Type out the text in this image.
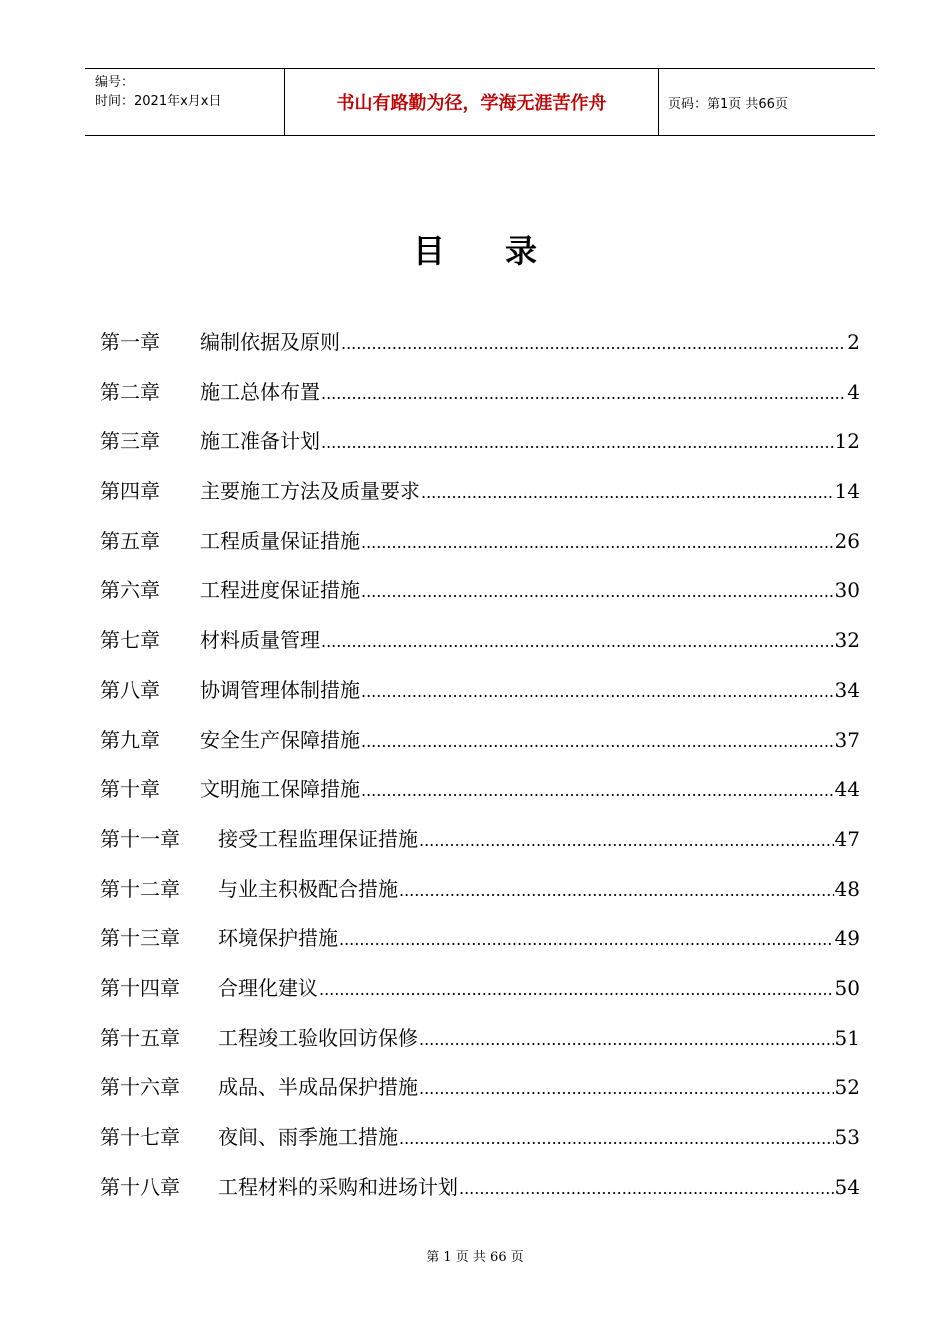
编号：
时间：2021年x月x日	书山有路勤为径，学海无涯苦作舟	页码：第1页 共66页
目录
第一章	编制依据及原则 .....	2
第二章	施工总体布置 .....	4
第三章	施工准备计划 .....	12
第四章	主要施工方法及质量要求 .....	14
第五章	工程质量保证措施 .....	26
第六章	工程进度保证措施 .....	30
第七章	材料质量管理 .....	32
第八章	协调管理体制措施 .....	34
第九章	安全生产保障措施 .....	37
第十章	文明施工保障措施 .....	44
第十一章	接受工程监理保证措施 .....	47
第十二章	与业主积极配合措施 .....	48
第十三章	环境保护措施 .....	49
第十四章	合理化建议 .....	50
第十五章	工程竣工验收回访保修 .....	51
第十六章	成品、半成品保护措施 .....	52
第十七章	夜间、雨季施工措施 .....	53
第十八章	工程材料的采购和进场计划 .....	54
第 1 页 共 66 页
